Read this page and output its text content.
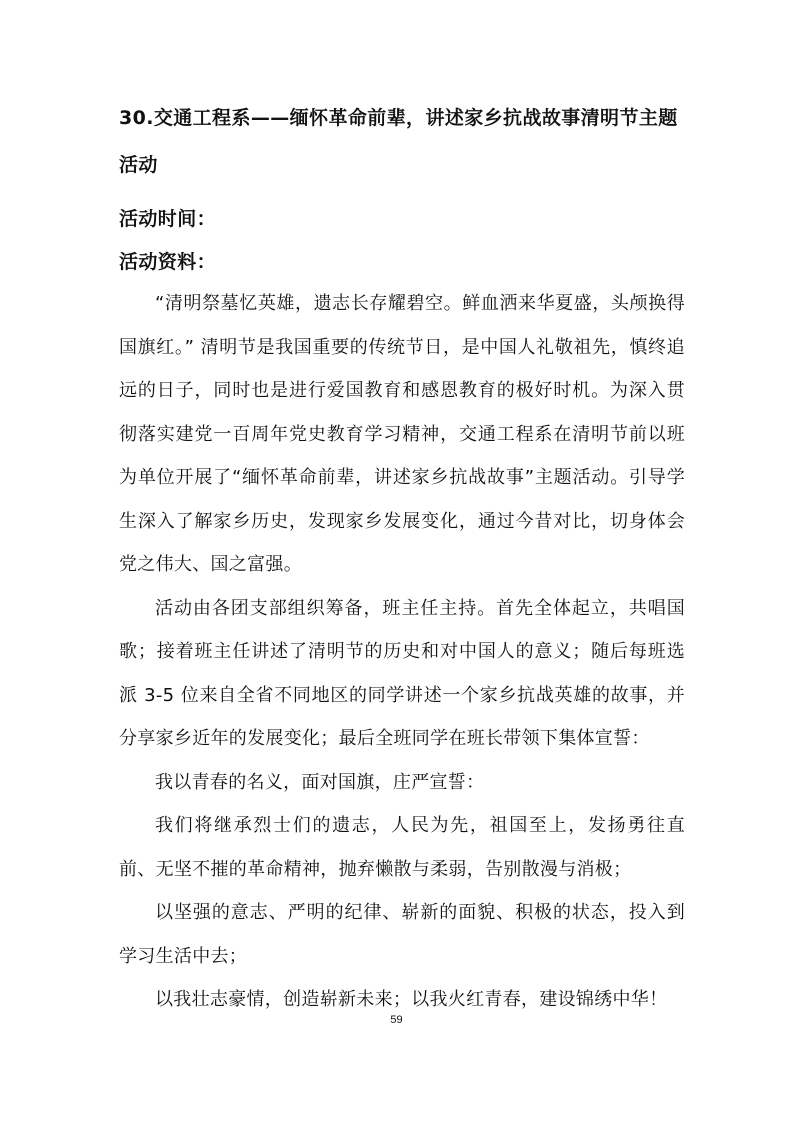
30.交通工程系——缅怀革命前辈，讲述家乡抗战故事清明节主题活动
活动时间：
活动资料：

“清明祭墓忆英雄，遗志长存耀碧空。鲜血洒来华夏盛，头颅换得国旗红。” 清明节是我国重要的传统节日，是中国人礼敬祖先，慎终追远的日子，同时也是进行爱国教育和感恩教育的极好时机。为深入贯彻落实建党一百周年党史教育学习精神，交通工程系在清明节前以班为单位开展了“缅怀革命前辈，讲述家乡抗战故事”主题活动。引导学生深入了解家乡历史，发现家乡发展变化，通过今昔对比，切身体会党之伟大、国之富强。

活动由各团支部组织筹备，班主任主持。首先全体起立，共唱国歌；接着班主任讲述了清明节的历史和对中国人的意义；随后每班选派 3-5 位来自全省不同地区的同学讲述一个家乡抗战英雄的故事，并分享家乡近年的发展变化；最后全班同学在班长带领下集体宣誓：

我以青春的名义，面对国旗，庄严宣誓：

我们将继承烈士们的遗志，人民为先，祖国至上，发扬勇往直前、无坚不摧的革命精神，抛弃懒散与柔弱，告别散漫与消极；

以坚强的意志、严明的纪律、崭新的面貌、积极的状态，投入到学习生活中去；

以我壮志豪情，创造崭新未来；以我火红青春，建设锦绣中华！

59
